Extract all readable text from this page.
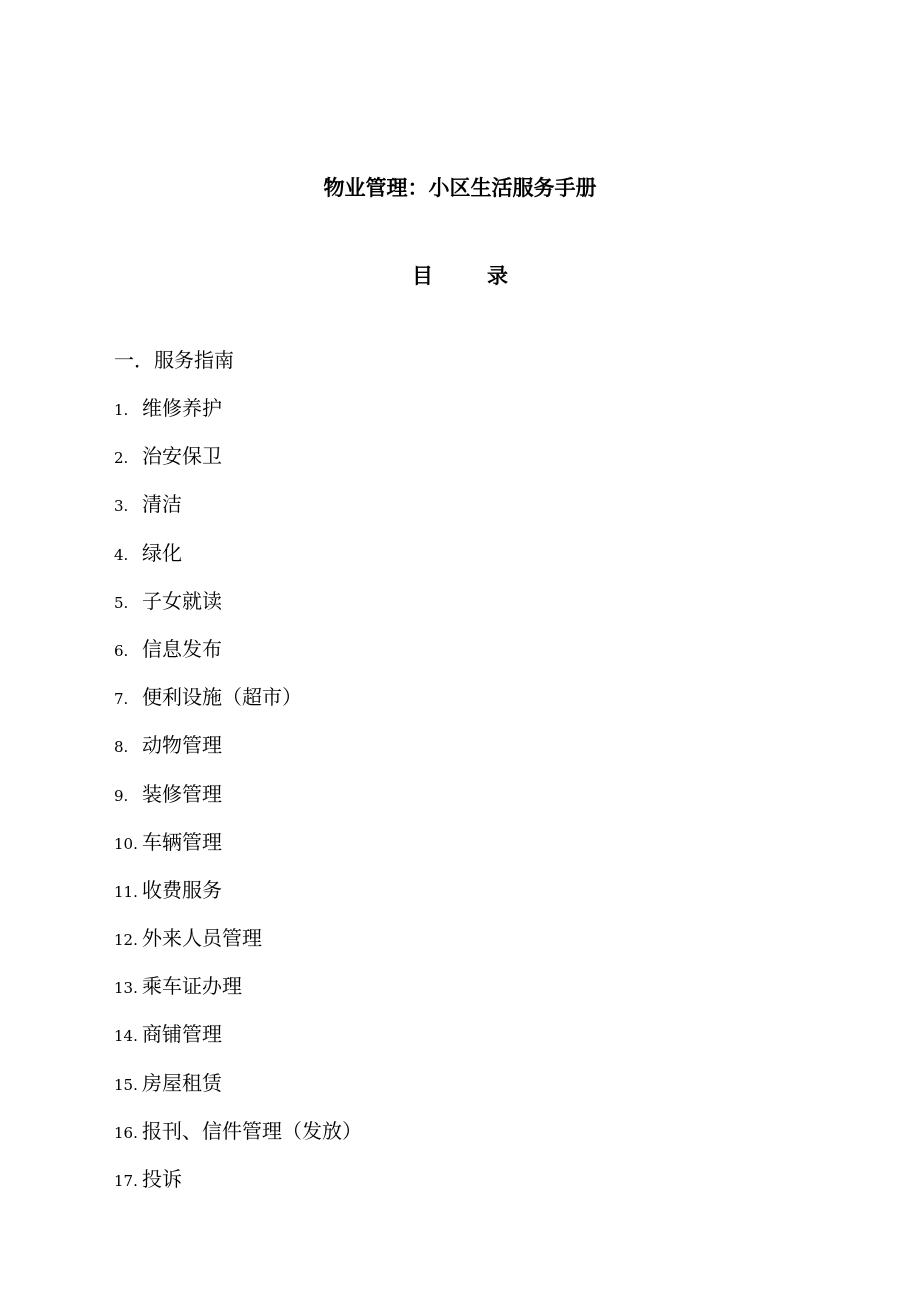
物业管理：小区生活服务手册
目	录
一．服务指南
1. 维修养护
2. 治安保卫
3. 清洁
4. 绿化
5. 子女就读
6. 信息发布
7. 便利设施（超市）
8. 动物管理
9. 装修管理
10. 车辆管理
11. 收费服务
12. 外来人员管理
13. 乘车证办理
14. 商铺管理
15. 房屋租赁
16. 报刊、信件管理（发放）
17. 投诉
